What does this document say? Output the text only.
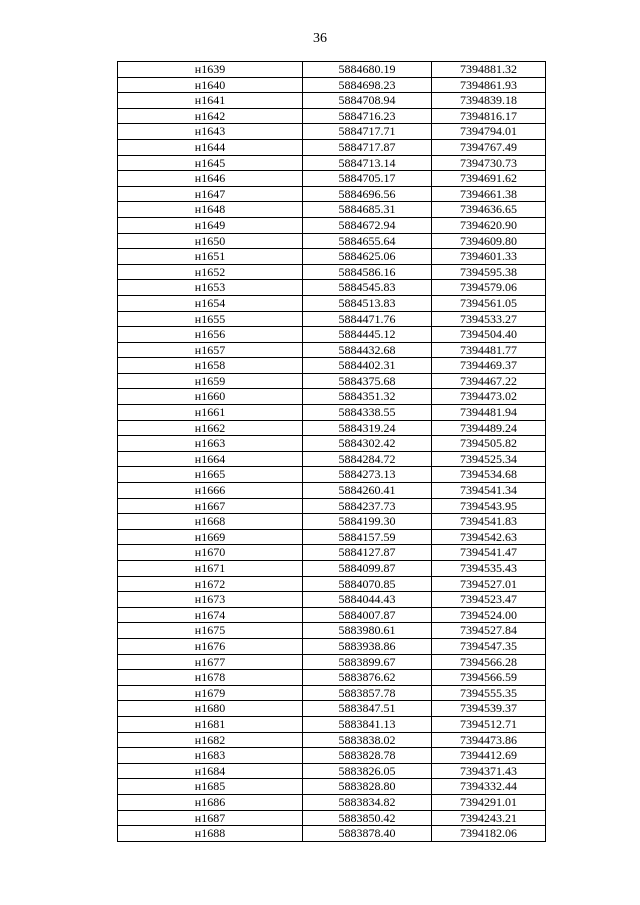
36
н1639	5884680.19	7394881.32
н1640	5884698.23	7394861.93
н1641	5884708.94	7394839.18
н1642	5884716.23	7394816.17
н1643	5884717.71	7394794.01
н1644	5884717.87	7394767.49
н1645	5884713.14	7394730.73
н1646	5884705.17	7394691.62
н1647	5884696.56	7394661.38
н1648	5884685.31	7394636.65
н1649	5884672.94	7394620.90
н1650	5884655.64	7394609.80
н1651	5884625.06	7394601.33
н1652	5884586.16	7394595.38
н1653	5884545.83	7394579.06
н1654	5884513.83	7394561.05
н1655	5884471.76	7394533.27
н1656	5884445.12	7394504.40
н1657	5884432.68	7394481.77
н1658	5884402.31	7394469.37
н1659	5884375.68	7394467.22
н1660	5884351.32	7394473.02
н1661	5884338.55	7394481.94
н1662	5884319.24	7394489.24
н1663	5884302.42	7394505.82
н1664	5884284.72	7394525.34
н1665	5884273.13	7394534.68
н1666	5884260.41	7394541.34
н1667	5884237.73	7394543.95
н1668	5884199.30	7394541.83
н1669	5884157.59	7394542.63
н1670	5884127.87	7394541.47
н1671	5884099.87	7394535.43
н1672	5884070.85	7394527.01
н1673	5884044.43	7394523.47
н1674	5884007.87	7394524.00
н1675	5883980.61	7394527.84
н1676	5883938.86	7394547.35
н1677	5883899.67	7394566.28
н1678	5883876.62	7394566.59
н1679	5883857.78	7394555.35
н1680	5883847.51	7394539.37
н1681	5883841.13	7394512.71
н1682	5883838.02	7394473.86
н1683	5883828.78	7394412.69
н1684	5883826.05	7394371.43
н1685	5883828.80	7394332.44
н1686	5883834.82	7394291.01
н1687	5883850.42	7394243.21
н1688	5883878.40	7394182.06
